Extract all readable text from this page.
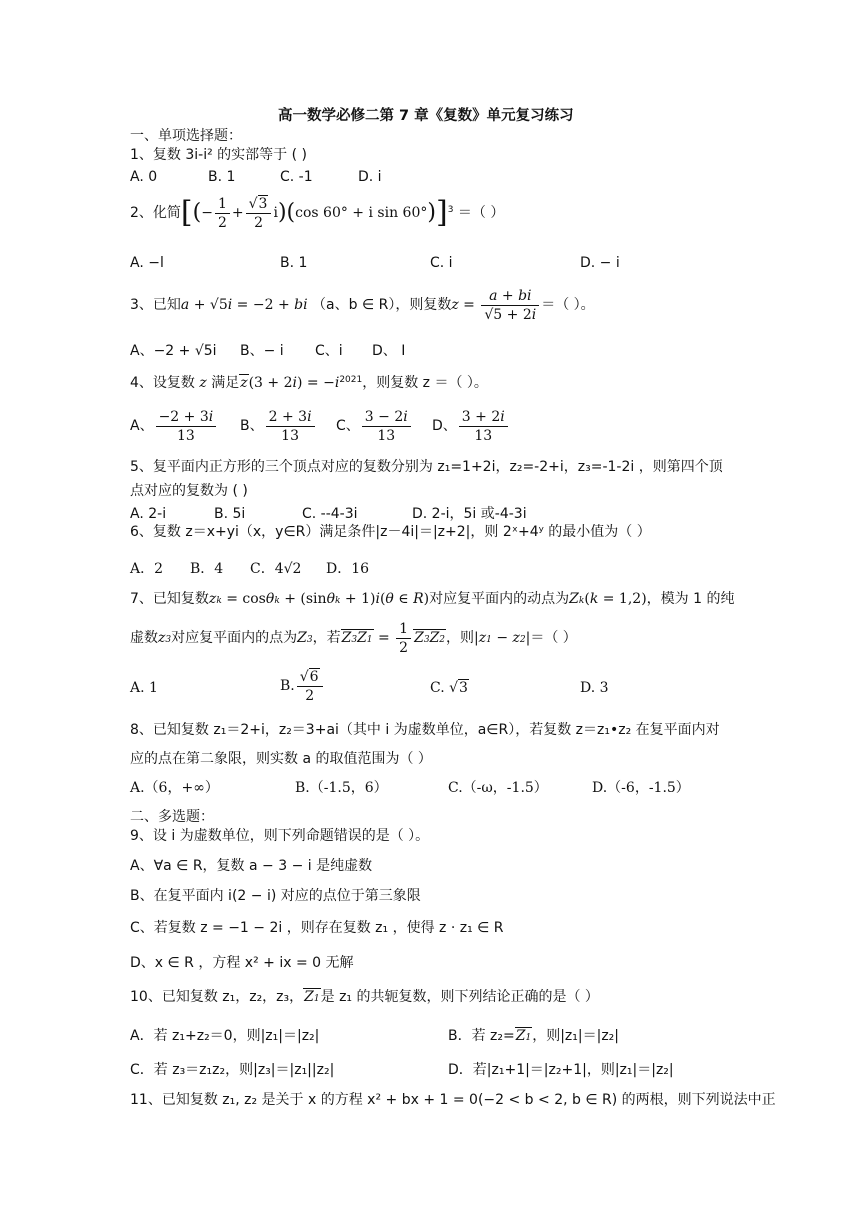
高一数学必修二第 7 章《复数》单元复习练习
一、单项选择题：
1、复数 3i-i² 的实部等于 ( )
A. 0	B. 1	C. -1	D. i
2、化简[(− $\frac{1}{2} + \frac{√3}{2} i)(\cos$ 60° + i sin 60°)]$^3$ ＝（ ）
A. −l	B. 1	C. i	D. − i
3、已知a + √5i = −2 + bi （a、b ∈ R），则复数$z = \frac{a + bi}{√5 + 2i}$ ＝（ ）。
A、−2 + √5i B、− i C、i D、 I
4、设复数 z 满足$z(3 + 2i) = -i^{2021}$，则复数 z ＝（ ）。
A、 $\frac{-2 + 3i}{13}$ B、 $\frac{2 + 3i}{13}$ C、 $\frac{3 - 2i}{13}$ D、 $\frac{3 + 2i}{13}$
5、复平面内正方形的三个顶点对应的复数分别为 z₁=1+2i，z₂=-2+i，z₃=-1-2i ，则第四个顶
点对应的复数为 ( )
A. 2-i	B. 5i	C. --4-3i	D. 2-i，5i 或-4-3i
6、复数 z＝x+yi（x，y∈R）满足条件|z－4i|＝|z+2|，则 2ˣ+4ʸ 的最小值为（ ）
A．2 B．4 C．4√2 D．16
7、已知复数$z_k = \cos\theta_k + (\sin\theta_k + 1)i(\theta$ ∈ R)对应复平面内的动点为$Z_k(k = 1,2)$，模为 1 的纯
虚数$z_3$对应复平面内的点为$Z_3$，若$Z_3Z_1 = \frac{1}{2} Z_3Z_2$，则$|z_1 - z_2|=$（ ）
A. 1	B. $\frac{√6}{2}$	C. √3	D. 3
8、已知复数 z₁＝2+i，z₂＝3+ai（其中 i 为虚数单位，a∈R），若复数 z＝z₁•z₂ 在复平面内对
应的点在第二象限，则实数 a 的取值范围为（ ）
A.（6，+∞）	B.（-1.5，6）	C.（-ω，-1.5）	D.（-6，-1.5）
二、多选题：
9、设 i 为虚数单位，则下列命题错误的是（ ）。
A、∀a ∈ R，复数 a − 3 − i 是纯虚数
B、在复平面内 i(2 − i) 对应的点位于第三象限
C、若复数 z = −1 − 2i ，则存在复数 z₁ ，使得 z · z₁ ∈ R
D、x ∈ R ，方程 x² + ix = 0 无解
10、已知复数 z₁，z₂，z₃，$Z_1$是 z₁ 的共轭复数，则下列结论正确的是（ ）
A．若 z₁+z₂＝0，则|z₁|＝|z₂|	B．若 $z_2=Z_1$，则|z₁|＝|z₂|
C．若 z₃＝z₁z₂，则|z₃|＝|z₁||z₂|	D．若|z₁+1|＝|z₂+1|，则|z₁|＝|z₂|
11、已知复数 z₁, z₂ 是关于 x 的方程 x² + bx + 1 = 0(−2 < b < 2, b ∈ R) 的两根，则下列说法中正
